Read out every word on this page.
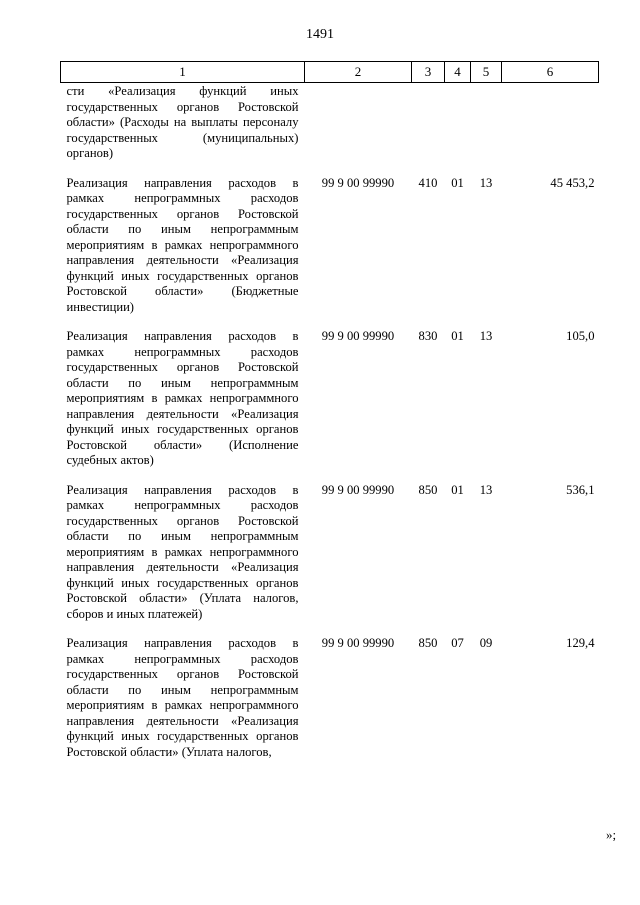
1491
1	2	3	4	5	6
сти «Реализация функций иных государственных органов Ростовской области» (Расходы на выплаты персоналу государственных (муниципальных) органов)					
Реализация направления расходов в рамках непрограммных расходов государственных органов Ростовской области по иным непрограммным мероприятиям в рамках непрограммного направления деятельности «Реализация функций иных государственных органов Ростовской области» (Бюджетные инвестиции)	99 9 00 99990	410	01	13	45 453,2
Реализация направления расходов в рамках непрограммных расходов государственных органов Ростовской области по иным непрограммным мероприятиям в рамках непрограммного направления деятельности «Реализация функций иных государственных органов Ростовской области» (Исполнение судебных актов)	99 9 00 99990	830	01	13	105,0
Реализация направления расходов в рамках непрограммных расходов государственных органов Ростовской области по иным непрограммным мероприятиям в рамках непрограммного направления деятельности «Реализация функций иных государственных органов Ростовской области» (Уплата налогов, сборов и иных платежей)	99 9 00 99990	850	01	13	536,1
Реализация направления расходов в рамках непрограммных расходов государственных органов Ростовской области по иным непрограммным мероприятиям в рамках непрограммного направления деятельности «Реализация функций иных государственных органов Ростовской области» (Уплата налогов,	99 9 00 99990	850	07	09	129,4
»;
